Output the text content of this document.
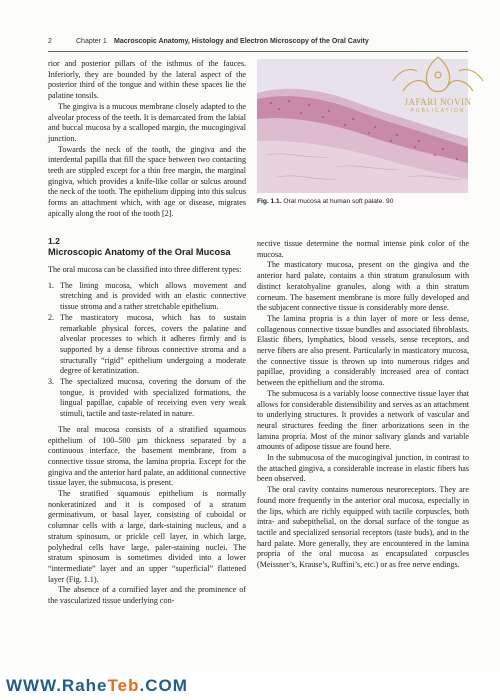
2	Chapter 1 Macroscopic Anatomy, Histology and Electron Microscopy of the Oral Cavity

rior and posterior pillars of the isthmus of the fauces. Inferiorly, they are bounded by the lateral aspect of the posterior third of the tongue and within these spaces lie the palatine tonsils.

The gingiva is a mucous membrane closely adapted to the alveolar process of the teeth. It is demarcated from the labial and buccal mucosa by a scalloped margin, the mucogingival junction.

Towards the neck of the tooth, the gingiva and the interdental papilla that fill the space between two contacting teeth are stippled except for a thin free margin, the marginal gingiva, which provides a knife-like collar or sulcus around the neck of the tooth. The epithelium dipping into this sulcus forms an attachment which, with age or disease, migrates apically along the root of the tooth [2].

Fig. 1.1. Oral mucosa at human soft palate. 90
1.2
Microscopic Anatomy of the Oral Mucosa

The oral mucosa can be classified into three different types:

1. The lining mucosa, which allows movement and stretching and is provided with an elastic connective tissue stroma and a rather stretchable epithelium.
2. The masticatory mucosa, which has to sustain remarkable physical forces, covers the palatine and alveolar processes to which it adheres firmly and is supported by a dense fibrous connective stroma and a structurally “rigid” epithelium undergoing a moderate degree of keratinization.
3. The specialized mucosa, covering the dorsum of the tongue, is provided with specialized formations, the lingual papillae, capable of receiving even very weak stimuli, tactile and taste-related in nature.

The oral mucosa consists of a stratified squamous epithelium of 100–500 µm thickness separated by a continuous interface, the basement membrane, from a connective tissue stroma, the lamina propria. Except for the gingiva and the anterior hard palate, an additional connective tissue layer, the submucosa, is present.

The stratified squamous epithelium is normally nonkeratinized and it is composed of a stratum germinativum, or basal layer, consisting of cuboidal or columnar cells with a large, dark-staining nucleus, and a stratum spinosum, or prickle cell layer, in which large, polyhedral cells have large, paler-staining nuclei. The stratum spinosum is sometimes divided into a lower “intermediate” layer and an upper “superficial” flattened layer (Fig. 1.1).

The absence of a cornified layer and the prominence of the vascularized tissue underlying con-

nective tissue determine the normal intense pink color of the mucosa.

The masticatory mucosa, present on the gingiva and the anterior hard palate, contains a thin stratum granulosum with distinct keratohyaline granules, along with a thin stratum corneum. The basement membrane is more fully developed and the subjacent connective tissue is considerably more dense.

The lamina propria is a thin layer of more or less dense, collagenous connective tissue bundles and associated fibroblasts. Elastic fibers, lymphatics, blood vessels, sense receptors, and nerve fibers are also present. Particularly in masticatory mucosa, the connective tissue is thrown up into numerous ridges and papillae, providing a considerably increased area of contact between the epithelium and the stroma.

The submucosa is a variably loose connective tissue layer that allows for considerable distensibility and serves as an attachment to underlying structures. It provides a network of vascular and neural structures feeding the finer arborizations seen in the lamina propria. Most of the minor salivary glands and variable amounts of adipose tissue are found here.

In the submucosa of the mucogingival junction, in contrast to the attached gingiva, a considerable increase in elastic fibers has been observed.

The oral cavity contains numerous neuroreceptors. They are found more frequently in the anterior oral mucosa, especially in the lips, which are richly equipped with tactile corpuscles, both intra- and subepithelial, on the dorsal surface of the tongue as tactile and specialized sensorial receptors (taste buds), and in the hard palate. More generally, they are encountered in the lamina propria of the oral mucosa as encapsulated corpuscles (Meissner’s, Krause’s, Ruffini’s, etc.) or as free nerve endings.

JAFARI NOVIN
PUBLICATION
WWW.RaheTeb.COM
